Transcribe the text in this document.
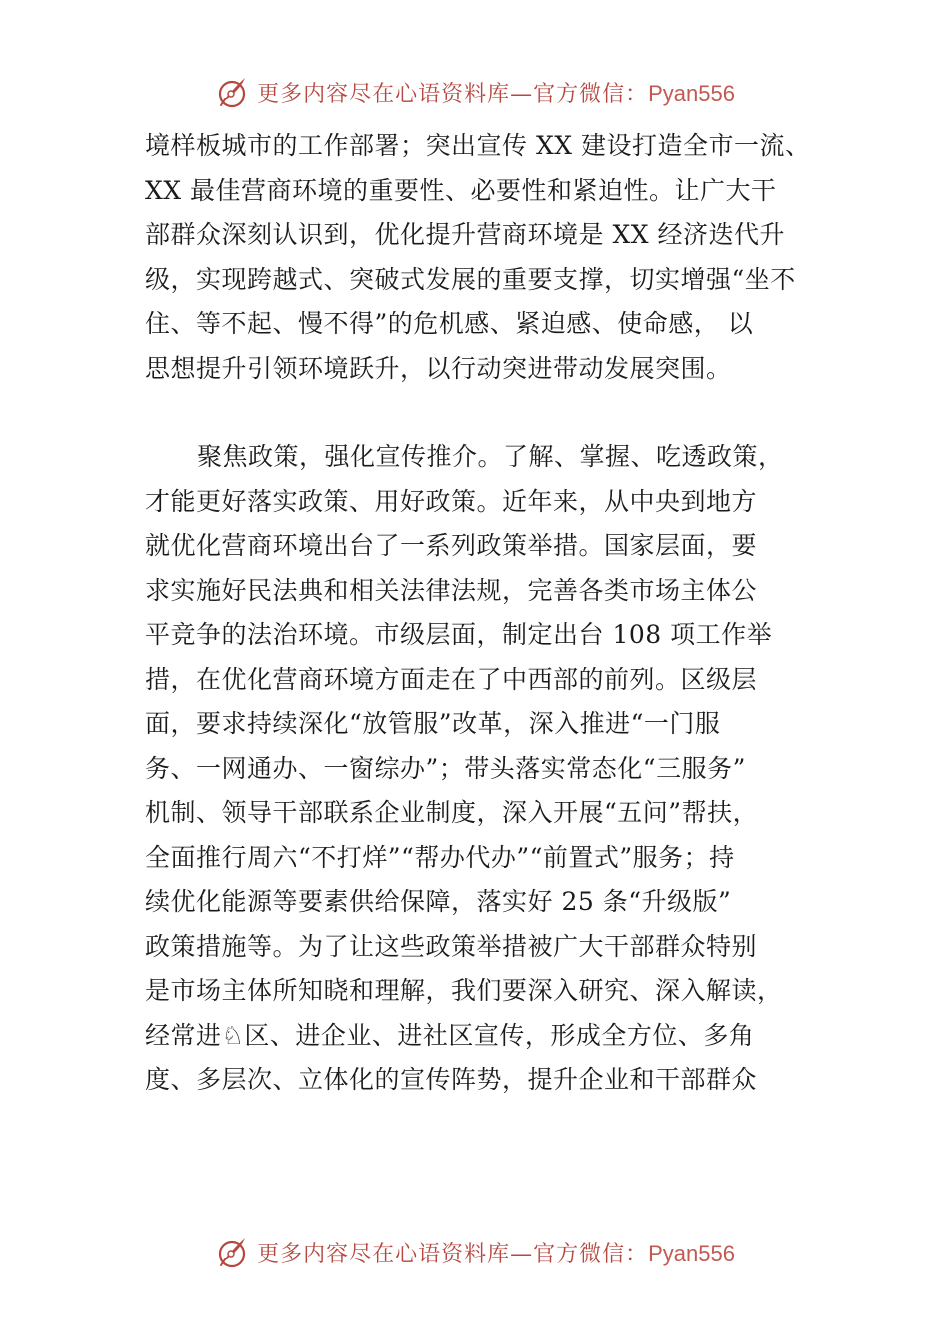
更多内容尽在心语资料库—官方微信：Pyan556
境样板城市的工作部署；突出宣传 XX 建设打造全市一流、
XX 最佳营商环境的重要性、必要性和紧迫性。让广大干
部群众深刻认识到，优化提升营商环境是 XX 经济迭代升
级，实现跨越式、突破式发展的重要支撑，切实增强“坐不
住、等不起、慢不得”的危机感、紧迫感、使命感， 以
思想提升引领环境跃升，以行动突进带动发展突围。
聚焦政策，强化宣传推介。了解、掌握、吃透政策，
才能更好落实政策、用好政策。近年来，从中央到地方
就优化营商环境出台了一系列政策举措。国家层面，要
求实施好民法典和相关法律法规，完善各类市场主体公
平竞争的法治环境。市级层面，制定出台 108 项工作举
措，在优化营商环境方面走在了中西部的前列。区级层
面，要求持续深化“放管服”改革，深入推进“一门服
务、一网通办、一窗综办”；带头落实常态化“三服务”
机制、领导干部联系企业制度，深入开展“五问”帮扶，
全面推行周六“不打烊”“帮办代办”“前置式”服务；持
续优化能源等要素供给保障，落实好 25 条“升级版”
政策措施等。为了让这些政策举措被广大干部群众特别
是市场主体所知晓和理解，我们要深入研究、深入解读，
经常进♘区、进企业、进社区宣传，形成全方位、多角
度、多层次、立体化的宣传阵势，提升企业和干部群众
更多内容尽在心语资料库—官方微信：Pyan556
